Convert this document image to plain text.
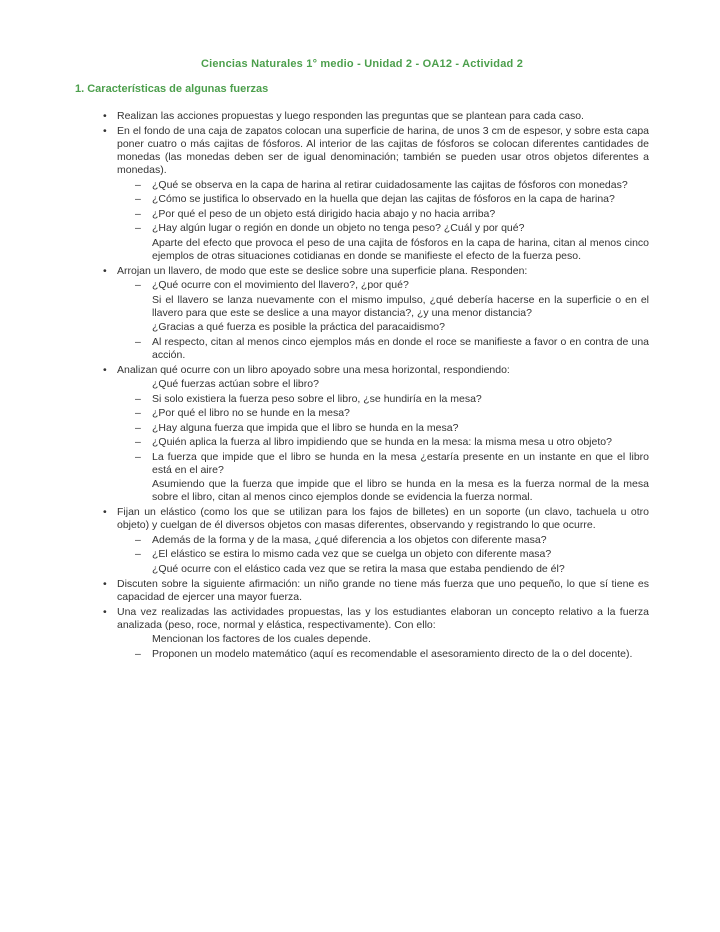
Ciencias Naturales 1° medio - Unidad 2 - OA12 - Actividad 2
1. Características de algunas fuerzas
• Realizan las acciones propuestas y luego responden las preguntas que se plantean para cada caso.
• En el fondo de una caja de zapatos colocan una superficie de harina, de unos 3 cm de espesor, y sobre esta capa poner cuatro o más cajitas de fósforos. Al interior de las cajitas de fósforos se colocan diferentes cantidades de monedas (las monedas deben ser de igual denominación; también se pueden usar otros objetos diferentes a monedas).
–	¿Qué se observa en la capa de harina al retirar cuidadosamente las cajitas de fósforos con monedas?
–	¿Cómo se justifica lo observado en la huella que dejan las cajitas de fósforos en la capa de harina?
–	¿Por qué el peso de un objeto está dirigido hacia abajo y no hacia arriba?
–	¿Hay algún lugar o región en donde un objeto no tenga peso? ¿Cuál y por qué?
Aparte del efecto que provoca el peso de una cajita de fósforos en la capa de harina, citan al menos cinco ejemplos de otras situaciones cotidianas en donde se manifieste el efecto de la fuerza peso.
• Arrojan un llavero, de modo que este se deslice sobre una superficie plana. Responden:
–	¿Qué ocurre con el movimiento del llavero?, ¿por qué?
Si el llavero se lanza nuevamente con el mismo impulso, ¿qué debería hacerse en la superficie o en el llavero para que este se deslice a una mayor distancia?, ¿y una menor distancia?
¿Gracias a qué fuerza es posible la práctica del paracaidismo?
–	Al respecto, citan al menos cinco ejemplos más en donde el roce se manifieste a favor o en contra de una acción.
• Analizan qué ocurre con un libro apoyado sobre una mesa horizontal, respondiendo:
¿Qué fuerzas actúan sobre el libro?
–	Si solo existiera la fuerza peso sobre el libro, ¿se hundiría en la mesa?
–	¿Por qué el libro no se hunde en la mesa?
–	¿Hay alguna fuerza que impida que el libro se hunda en la mesa?
–	¿Quién aplica la fuerza al libro impidiendo que se hunda en la mesa: la misma mesa u otro objeto?
–	La fuerza que impide que el libro se hunda en la mesa ¿estaría presente en un instante en que el libro está en el aire?
Asumiendo que la fuerza que impide que el libro se hunda en la mesa es la fuerza normal de la mesa sobre el libro, citan al menos cinco ejemplos donde se evidencia la fuerza normal.
• Fijan un elástico (como los que se utilizan para los fajos de billetes) en un soporte (un clavo, tachuela u otro objeto) y cuelgan de él diversos objetos con masas diferentes, observando y registrando lo que ocurre.
–	Además de la forma y de la masa, ¿qué diferencia a los objetos con diferente masa?
–	¿El elástico se estira lo mismo cada vez que se cuelga un objeto con diferente masa?
¿Qué ocurre con el elástico cada vez que se retira la masa que estaba pendiendo de él?
• Discuten sobre la siguiente afirmación: un niño grande no tiene más fuerza que uno pequeño, lo que sí tiene es capacidad de ejercer una mayor fuerza.
• Una vez realizadas las actividades propuestas, las y los estudiantes elaboran un concepto relativo a la fuerza analizada (peso, roce, normal y elástica, respectivamente). Con ello:
Mencionan los factores de los cuales depende.
–	Proponen un modelo matemático (aquí es recomendable el asesoramiento directo de la o del docente).
